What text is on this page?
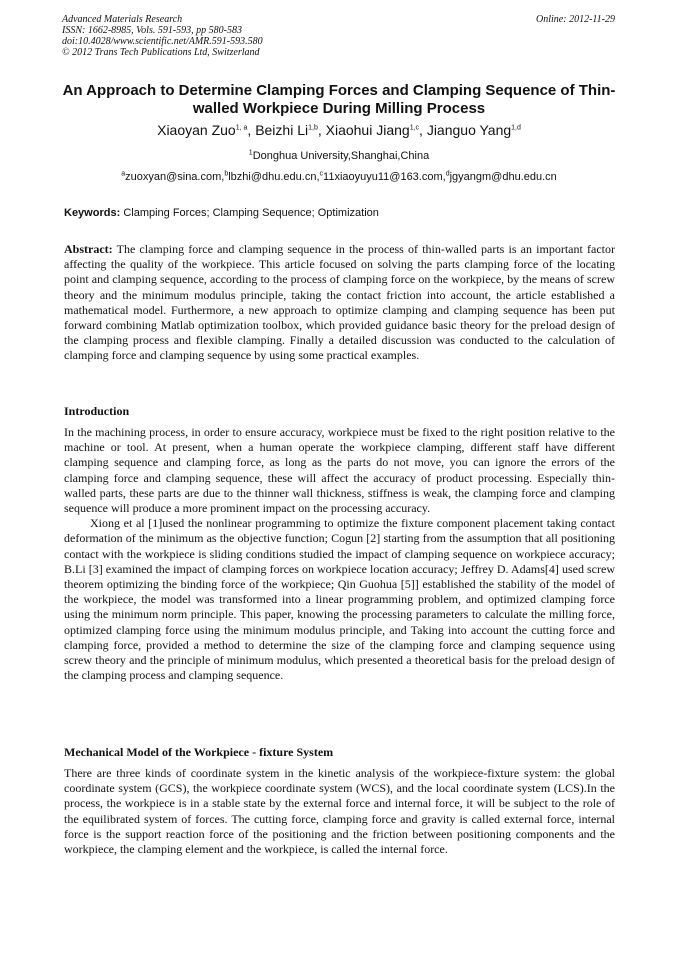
Advanced Materials Research
ISSN: 1662-8985, Vols. 591-593, pp 580-583
doi:10.4028/www.scientific.net/AMR.591-593.580
© 2012 Trans Tech Publications Ltd, Switzerland
Online: 2012-11-29
An Approach to Determine Clamping Forces and Clamping Sequence of Thin-walled Workpiece During Milling Process
Xiaoyan Zuo$^{1, a}$, Beizhi Li$^{1,b}$, Xiaohui Jiang$^{1,c}$, Jianguo Yang$^{1,d}$
$^1$Donghua University,Shanghai,China
$^a$zuoxyan@sina.com,$^b$lbzhi@dhu.edu.cn,$^c$11xiaoyuyu11@163.com,$^d$jgyangm@dhu.edu.cn
Keywords: Clamping Forces; Clamping Sequence; Optimization

Abstract: The clamping force and clamping sequence in the process of thin-walled parts is an important factor affecting the quality of the workpiece. This article focused on solving the parts clamping force of the locating point and clamping sequence, according to the process of clamping force on the workpiece, by the means of screw theory and the minimum modulus principle, taking the contact friction into account, the article established a mathematical model. Furthermore, a new approach to optimize clamping and clamping sequence has been put forward combining Matlab optimization toolbox, which provided guidance basic theory for the preload design of the clamping process and flexible clamping. Finally a detailed discussion was conducted to the calculation of clamping force and clamping sequence by using some practical examples.

Introduction

In the machining process, in order to ensure accuracy, workpiece must be fixed to the right position relative to the machine or tool. At present, when a human operate the workpiece clamping, different staff have different clamping sequence and clamping force, as long as the parts do not move, you can ignore the errors of the clamping force and clamping sequence, these will affect the accuracy of product processing. Especially thin-walled parts, these parts are due to the thinner wall thickness, stiffness is weak, the clamping force and clamping sequence will produce a more prominent impact on the processing accuracy.

Xiong et al [1]used the nonlinear programming to optimize the fixture component placement taking contact deformation of the minimum as the objective function; Cogun [2] starting from the assumption that all positioning contact with the workpiece is sliding conditions studied the impact of clamping sequence on workpiece accuracy; B.Li [3] examined the impact of clamping forces on workpiece location accuracy; Jeffrey D. Adams[4] used screw theorem optimizing the binding force of the workpiece; Qin Guohua [5]] established the stability of the model of the workpiece, the model was transformed into a linear programming problem, and optimized clamping force using the minimum norm principle. This paper, knowing the processing parameters to calculate the milling force, optimized clamping force using the minimum modulus principle, and Taking into account the cutting force and clamping force, provided a method to determine the size of the clamping force and clamping sequence using screw theory and the principle of minimum modulus, which presented a theoretical basis for the preload design of the clamping process and clamping sequence.

Mechanical Model of the Workpiece - fixture System

There are three kinds of coordinate system in the kinetic analysis of the workpiece-fixture system: the global coordinate system (GCS), the workpiece coordinate system (WCS), and the local coordinate system (LCS).In the process, the workpiece is in a stable state by the external force and internal force, it will be subject to the role of the equilibrated system of forces. The cutting force, clamping force and gravity is called external force, internal force is the support reaction force of the positioning and the friction between positioning components and the workpiece, the clamping element and the workpiece, is called the internal force.
